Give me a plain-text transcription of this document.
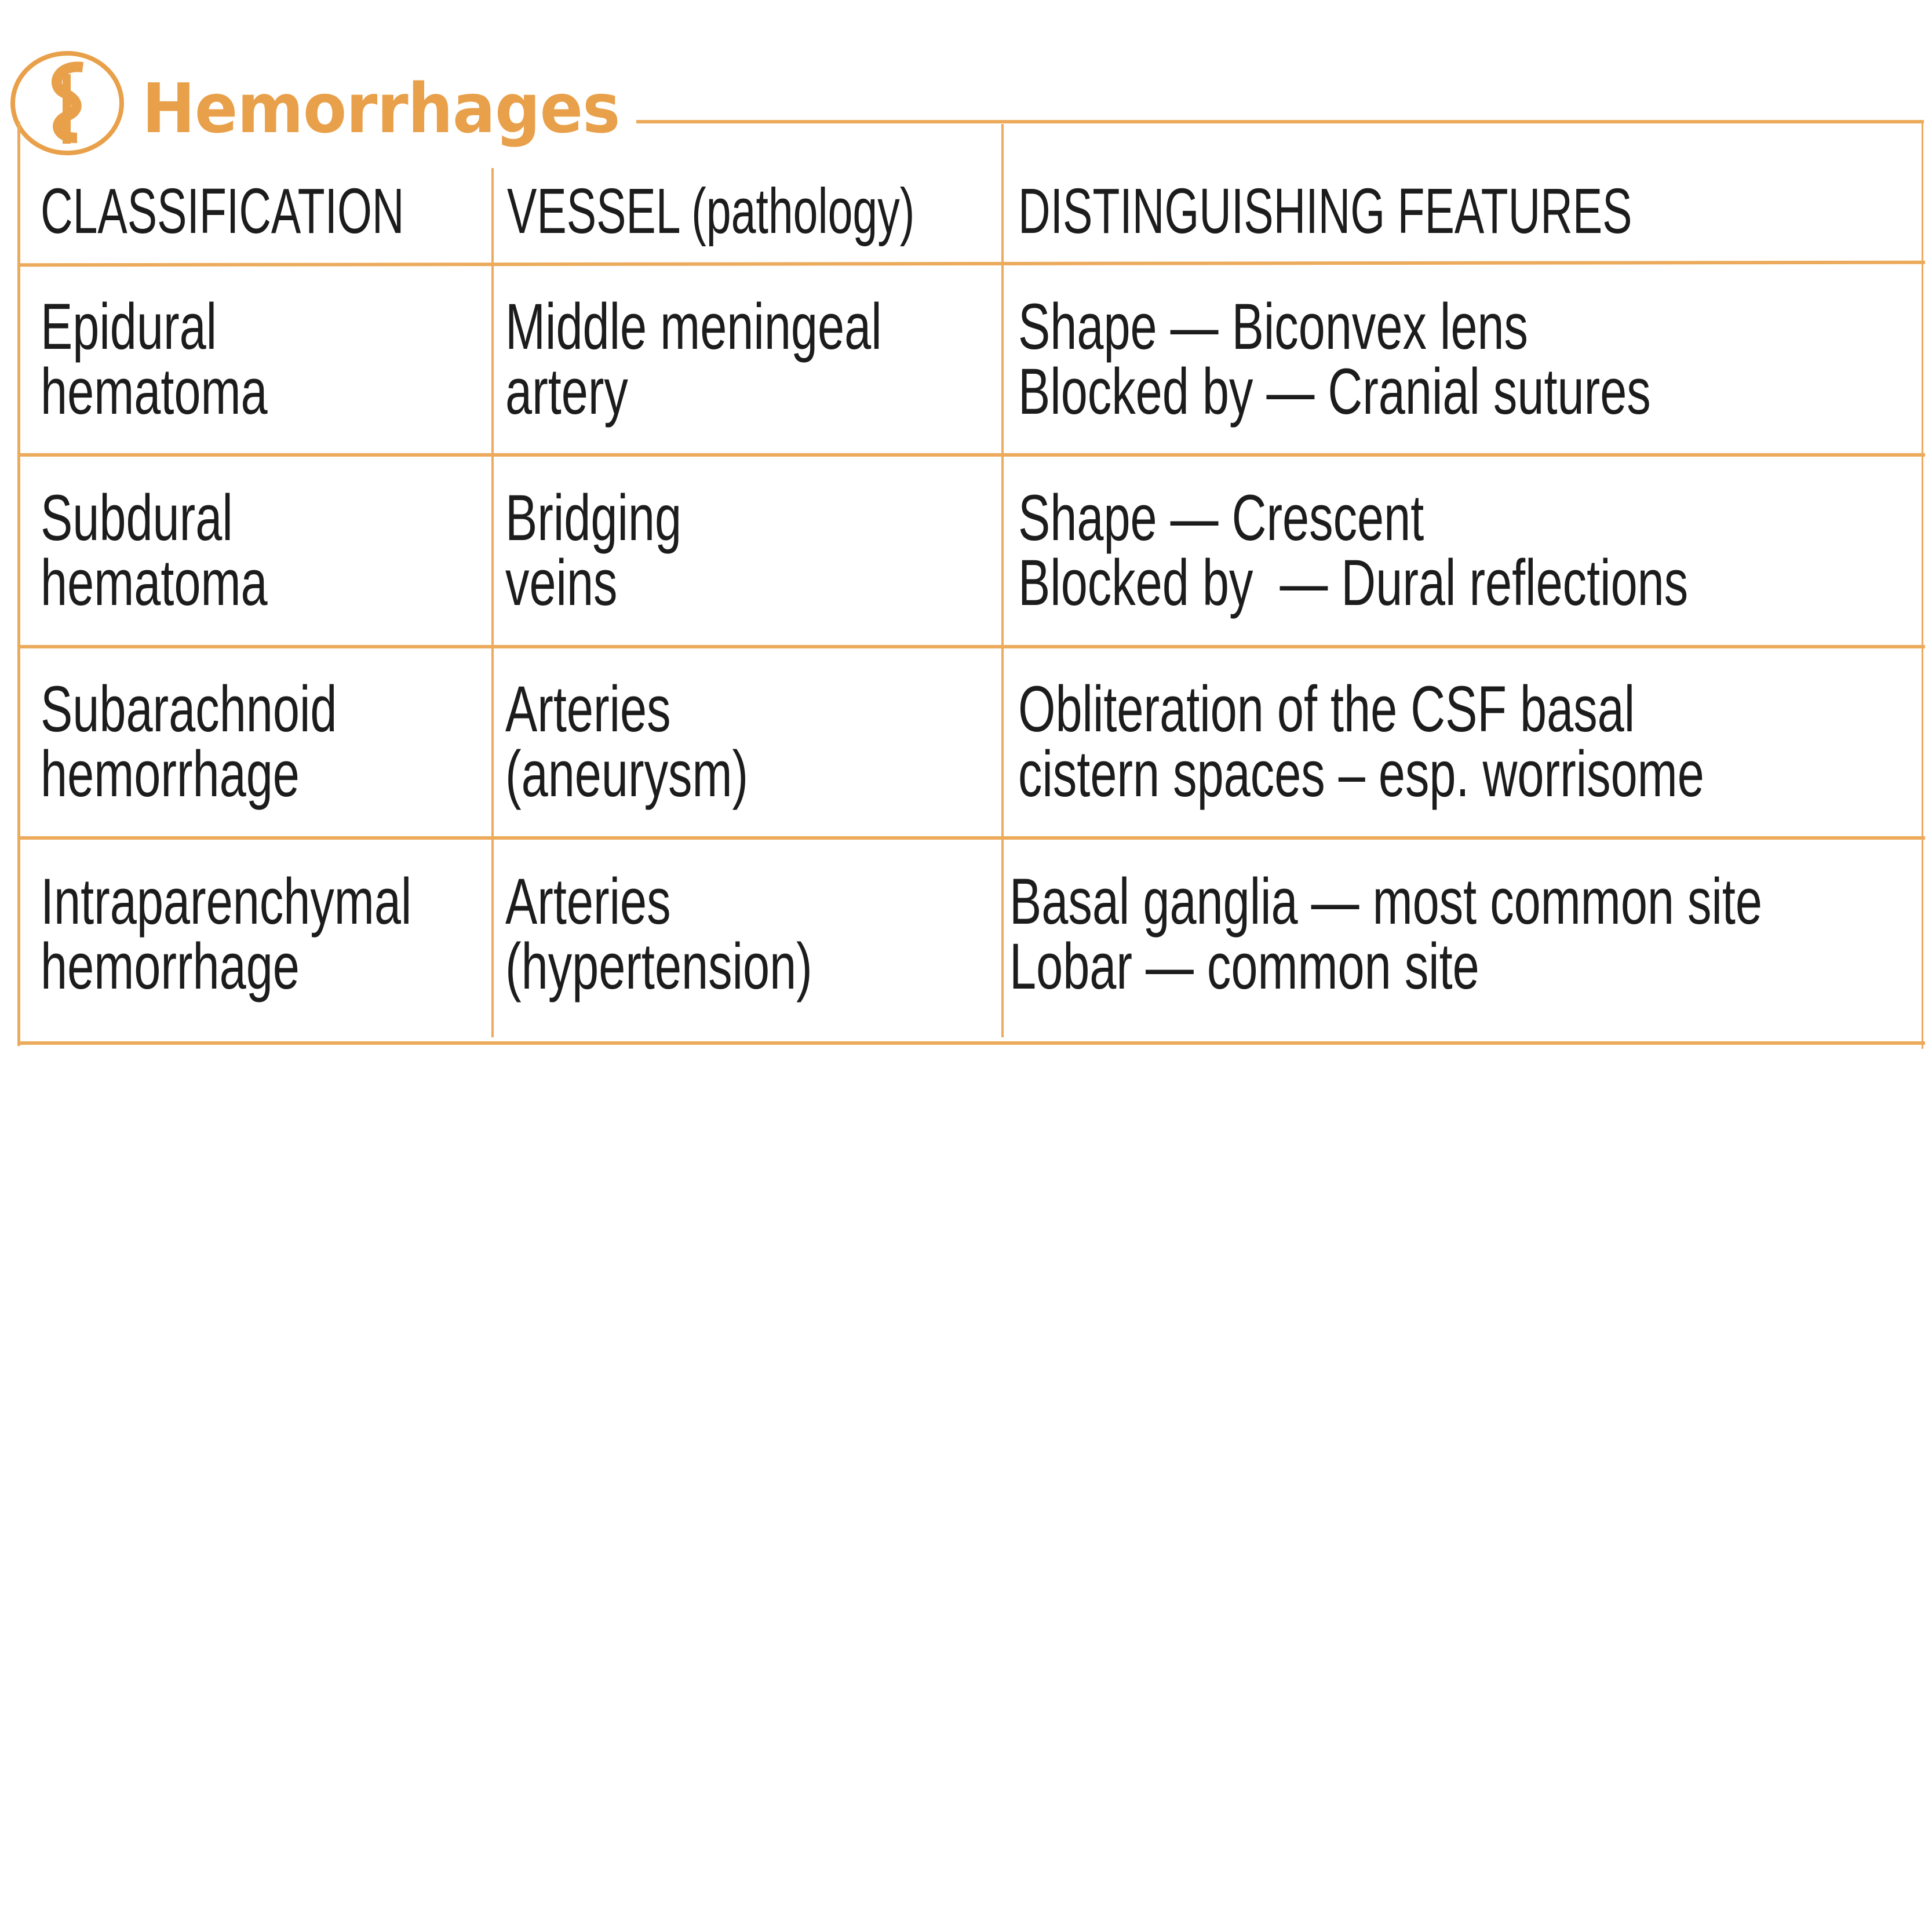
Hemorrhages
CLASSIFICATION VESSEL (pathology) DISTINGUISHING FEATURES
Epidural
hematoma
Middle meningeal
artery
Shape — Biconvex lens
Blocked by — Cranial sutures
Subdural
hematoma
Bridging
veins
Shape — Crescent
Blocked by  — Dural reflections
Subarachnoid
hemorrhage
Arteries
(aneurysm)
Obliteration of the CSF basal
cistern spaces – esp. worrisome
Intraparenchymal
hemorrhage
Arteries
(hypertension)
Basal ganglia — most common site
Lobar — common site
